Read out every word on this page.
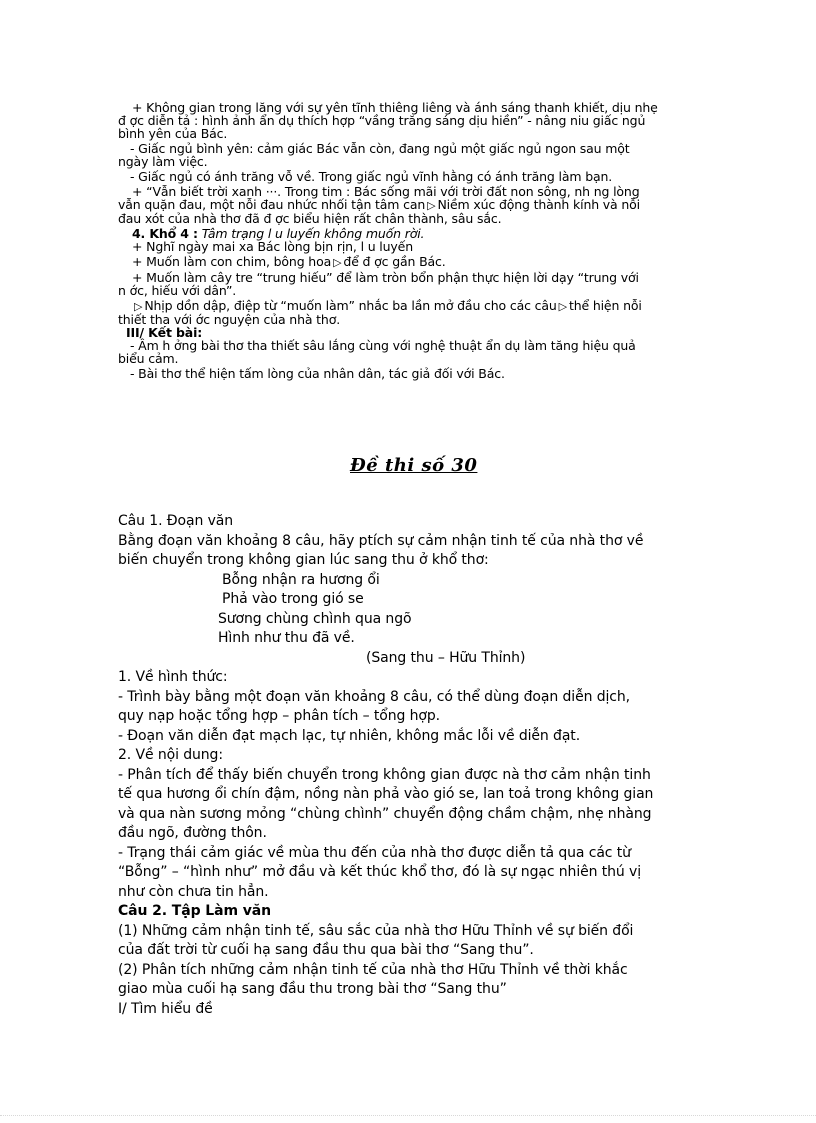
+ Không gian trong lăng với sự yên tĩnh thiêng liêng và ánh sáng thanh khiết, dịu nhẹ

đ ợc diễn tả : hình ảnh ẩn dụ thích hợp “vầng trăng sáng dịu hiền” - nâng niu giấc ngủ

bình yên của Bác.

- Giấc ngủ bình yên: cảm giác Bác vẫn còn, đang ngủ một giấc ngủ ngon sau một

ngày làm việc.

- Giấc ngủ có ánh trăng vỗ về. Trong giấc ngủ vĩnh hằng có ánh trăng làm bạn.

+ “Vẫn biết trời xanh ···. Trong tim : Bác sống mãi với trời đất non sông, nh ng lòng

vẫn quặn đau, một nỗi đau nhức nhối tận tâm can ▷ Niềm xúc động thành kính và nỗi

đau xót của nhà thơ đã đ ợc biểu hiện rất chân thành, sâu sắc.

4. Khổ 4 : Tâm trạng l u luyến không muốn rời.

+ Nghĩ ngày mai xa Bác lòng bịn rịn, l u luyến

+ Muốn làm con chim, bông hoa ▷ để đ ợc gần Bác.

+ Muốn làm cây tre “trung hiếu” để làm tròn bổn phận thực hiện lời dạy “trung với

n ớc, hiếu với dân”.

▷ Nhịp dồn dập, điệp từ “muốn làm” nhắc ba lần mở đầu cho các câu ▷ thể hiện nỗi

thiết tha với ớc nguyện của nhà thơ.

III/ Kết bài:

- Âm h ởng bài thơ tha thiết sâu lắng cùng với nghệ thuật ẩn dụ làm tăng hiệu quả

biểu cảm.

- Bài thơ thể hiện tấm lòng của nhân dân, tác giả đối với Bác.

Đề thi số 30

Câu 1. Đoạn văn

Bằng đoạn văn khoảng 8 câu, hãy ptích sự cảm nhận tinh tế của nhà thơ về

biến chuyển trong không gian lúc sang thu ở khổ thơ:

Bỗng nhận ra hương ổi

Phả vào trong gió se

Sương chùng chình qua ngõ

Hình như thu đã về.

(Sang thu – Hữu Thỉnh)

1. Về hình thức:

- Trình bày bằng một đoạn văn khoảng 8 câu, có thể dùng đoạn diễn dịch,

quy nạp hoặc tổng hợp – phân tích – tổng hợp.

- Đoạn văn diễn đạt mạch lạc, tự nhiên, không mắc lỗi về diễn đạt.

2. Về nội dung:

- Phân tích để thấy biến chuyển trong không gian được nà thơ cảm nhận tinh

tế qua hương ổi chín đậm, nồng nàn phả vào gió se, lan toả trong không gian

và qua nàn sương mỏng “chùng chình” chuyển động chầm chậm, nhẹ nhàng

đầu ngõ, đường thôn.

- Trạng thái cảm giác về mùa thu đến của nhà thơ được diễn tả qua các từ

“Bỗng” – “hình như” mở đầu và kết thúc khổ thơ, đó là sự ngạc nhiên thú vị

như còn chưa tin hẳn.

Câu 2. Tập Làm văn

(1) Những cảm nhận tinh tế, sâu sắc của nhà thơ Hữu Thỉnh về sự biến đổi

của đất trời từ cuối hạ sang đầu thu qua bài thơ “Sang thu”.

(2) Phân tích những cảm nhận tinh tế của nhà thơ Hữu Thỉnh về thời khắc

giao mùa cuối hạ sang đầu thu trong bài thơ “Sang thu”

I/ Tìm hiểu đề
